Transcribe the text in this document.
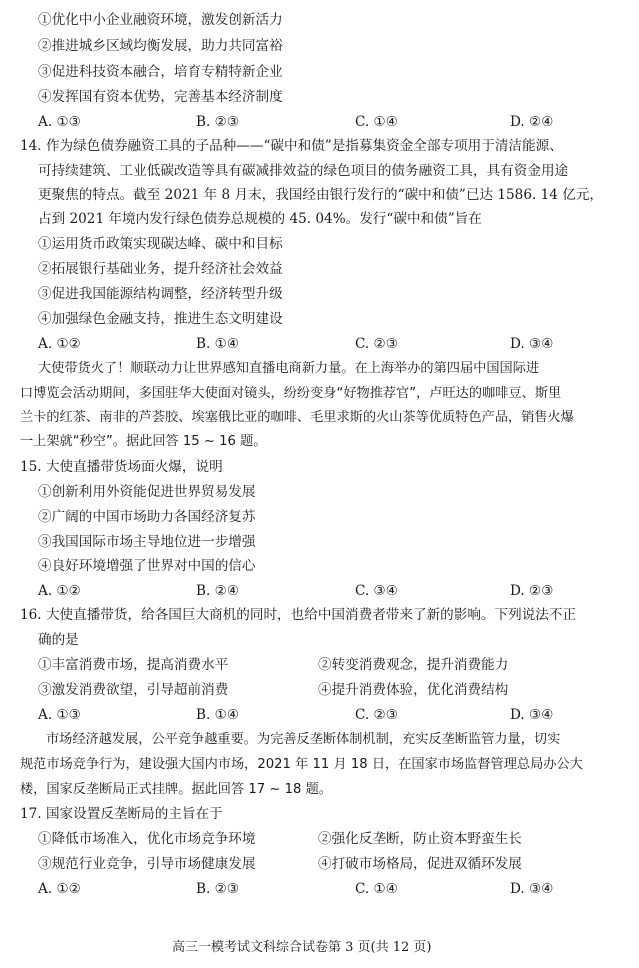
①优化中小企业融资环境，激发创新活力
②推进城乡区域均衡发展，助力共同富裕
③促进科技资本融合，培育专精特新企业
④发挥国有资本优势，完善基本经济制度
A. ①③	B. ②③	C. ①④	D. ②④
14. 作为绿色债券融资工具的子品种——“碳中和债”是指募集资金全部专项用于清洁能源、
可持续建筑、工业低碳改造等具有碳减排效益的绿色项目的债务融资工具，具有资金用途
更聚焦的特点。截至 2021 年 8 月末，我国经由银行发行的“碳中和债”已达 1586. 14 亿元，
占到 2021 年境内发行绿色债券总规模的 45. 04%。发行“碳中和债”旨在
①运用货币政策实现碳达峰、碳中和目标
②拓展银行基础业务，提升经济社会效益
③促进我国能源结构调整，经济转型升级
④加强绿色金融支持，推进生态文明建设
A. ①②	B. ①④	C. ②③	D. ③④
大使带货火了！顺联动力让世界感知直播电商新力量。在上海举办的第四届中国国际进
口博览会活动期间，多国驻华大使面对镜头，纷纷变身“好物推荐官”，卢旺达的咖啡豆、斯里
兰卡的红茶、南非的芦荟胶、埃塞俄比亚的咖啡、毛里求斯的火山茶等优质特色产品，销售火爆
一上架就“秒空”。据此回答 15 ~ 16 题。
15. 大使直播带货场面火爆，说明
①创新利用外资能促进世界贸易发展
②广阔的中国市场助力各国经济复苏
③我国国际市场主导地位进一步增强
④良好环境增强了世界对中国的信心
A. ①②	B. ②④	C. ③④	D. ②③
16. 大使直播带货，给各国巨大商机的同时，也给中国消费者带来了新的影响。下列说法不正
确的是
①丰富消费市场，提高消费水平	②转变消费观念，提升消费能力
③激发消费欲望，引导超前消费	④提升消费体验，优化消费结构
A. ①③	B. ①④	C. ②③	D. ③④
市场经济越发展，公平竞争越重要。为完善反垄断体制机制，充实反垄断监管力量，切实
规范市场竞争行为，建设强大国内市场，2021 年 11 月 18 日，在国家市场监督管理总局办公大
楼，国家反垄断局正式挂牌。据此回答 17 ~ 18 题。
17. 国家设置反垄断局的主旨在于
①降低市场准入，优化市场竞争环境	②强化反垄断，防止资本野蛮生长
③规范行业竞争，引导市场健康发展	④打破市场格局，促进双循环发展
A. ①②	B. ②③	C. ①④	D. ③④
高三一模考试文科综合试卷第 3 页(共 12 页)
